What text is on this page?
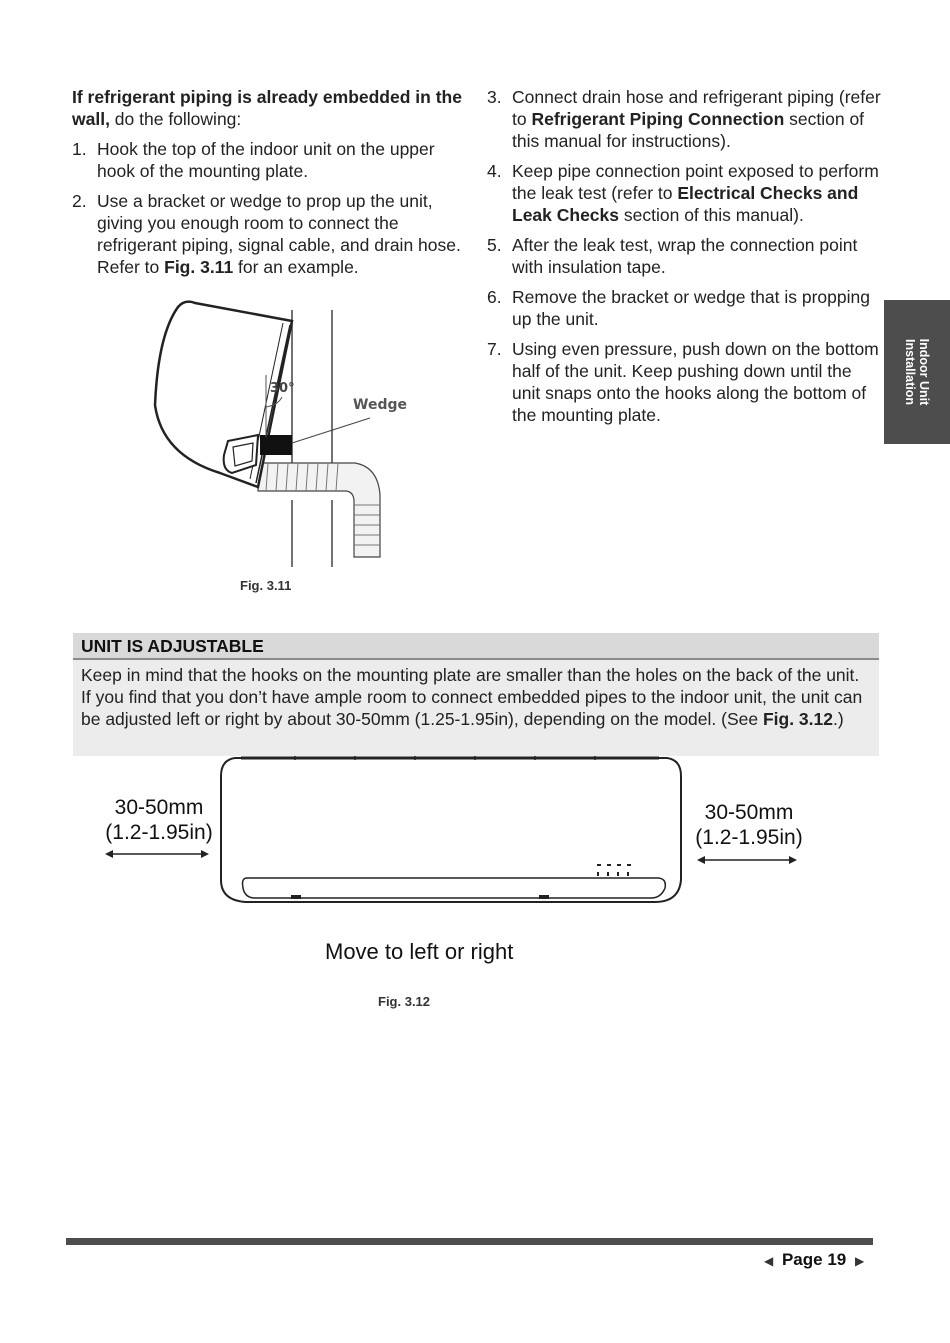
If refrigerant piping is already embedded in the wall, do the following:

1. Hook the top of the indoor unit on the upper hook of the mounting plate.
2. Use a bracket or wedge to prop up the unit, giving you enough room to connect the refrigerant piping, signal cable, and drain hose. Refer to Fig. 3.11 for an example.
30°
Wedge
Fig. 3.11
3. Connect drain hose and refrigerant piping (refer to Refrigerant Piping Connection section of this manual for instructions).
4. Keep pipe connection point exposed to perform the leak test (refer to Electrical Checks and Leak Checks section of this manual).
5. After the leak test, wrap the connection point with insulation tape.
6. Remove the bracket or wedge that is propping up the unit.
7. Using even pressure, push down on the bottom half of the unit. Keep pushing down until the unit snaps onto the hooks along the bottom of the mounting plate.
Indoor Unit
Installation
UNIT IS ADJUSTABLE
Keep in mind that the hooks on the mounting plate are smaller than the holes on the back of the unit. If you find that you don’t have ample room to connect embedded pipes to the indoor unit, the unit can be adjusted left or right by about 30-50mm (1.25-1.95in), depending on the model. (See Fig. 3.12.)
30-50mm
(1.2-1.95in)
30-50mm
(1.2-1.95in)
Move to left or right
Fig. 3.12
◀ Page 19 ▶
